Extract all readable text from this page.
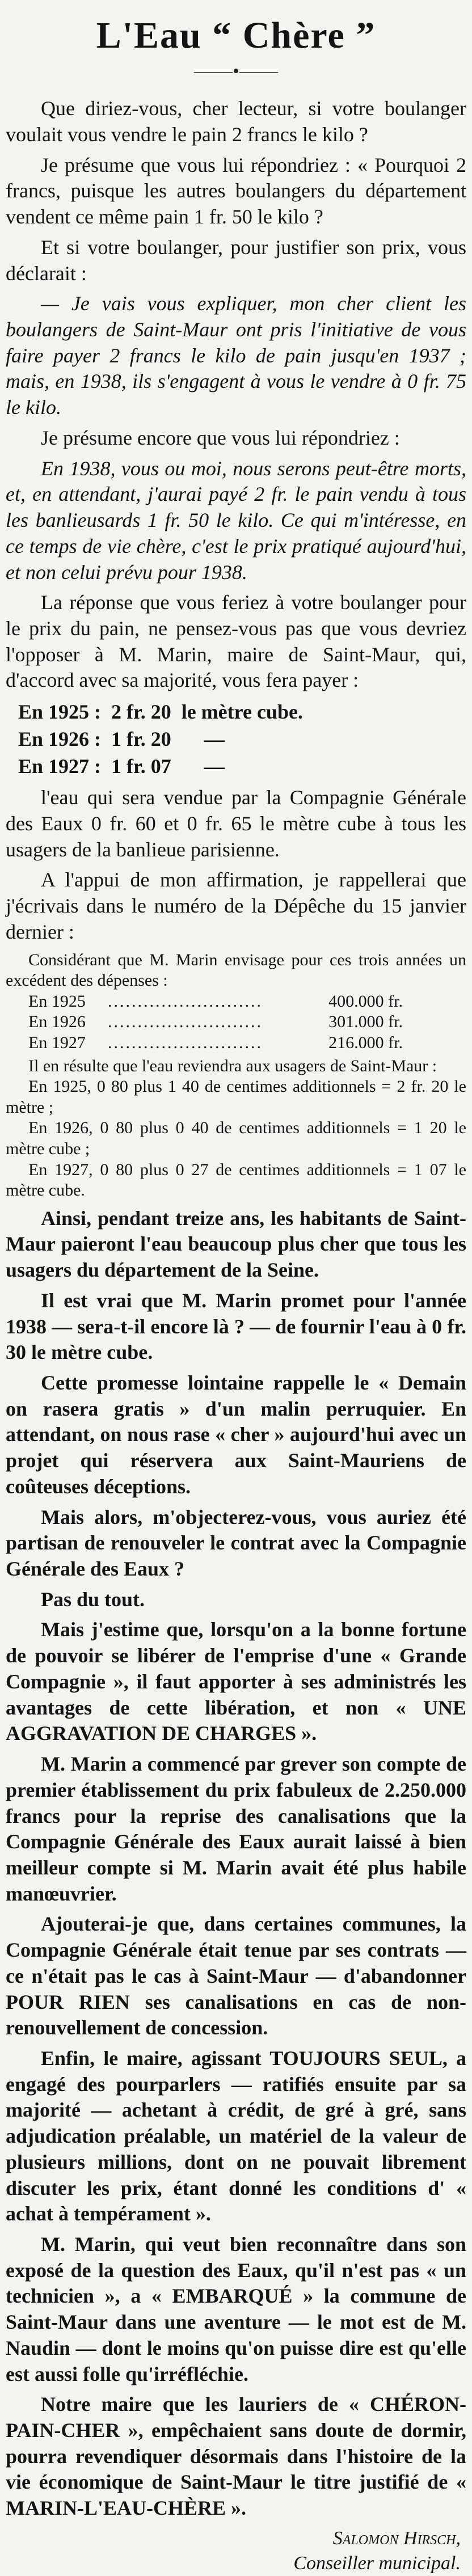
L'Eau “ Chère ”
——•——

Que diriez-vous, cher lecteur, si votre boulanger voulait vous vendre le pain 2 francs le kilo ?

Je présume que vous lui répondriez : « Pourquoi 2 francs, puisque les autres boulangers du département vendent ce même pain 1 fr. 50 le kilo ?

Et si votre boulanger, pour justifier son prix, vous déclarait :

— Je vais vous expliquer, mon cher client les boulangers de Saint-Maur ont pris l'initiative de vous faire payer 2 francs le kilo de pain jusqu'en 1937 ; mais, en 1938, ils s'engagent à vous le vendre à 0 fr. 75 le kilo.

Je présume encore que vous lui répondriez :

En 1938, vous ou moi, nous serons peut-être morts, et, en attendant, j'aurai payé 2 fr. le pain vendu à tous les banlieusards 1 fr. 50 le kilo. Ce qui m'intéresse, en ce temps de vie chère, c'est le prix pratiqué aujourd'hui, et non celui prévu pour 1938.

La réponse que vous feriez à votre boulanger pour le prix du pain, ne pensez-vous pas que vous devriez l'opposer à M. Marin, maire de Saint-Maur, qui, d'accord avec sa majorité, vous fera payer :

En 1925 :	2 fr. 20	le mètre cube.
En 1926 :	1 fr. 20	—
En 1927 :	1 fr. 07	—

l'eau qui sera vendue par la Compagnie Générale des Eaux 0 fr. 60 et 0 fr. 65 le mètre cube à tous les usagers de la banlieue parisienne.

A l'appui de mon affirmation, je rappellerai que j'écrivais dans le numéro de la Dépêche du 15 janvier dernier :

Considérant que M. Marin envisage pour ces trois années un excédent des dépenses :

En 1925	..........................	400.000 fr.
En 1926	..........................	301.000 fr.
En 1927	..........................	216.000 fr.

Il en résulte que l'eau reviendra aux usagers de Saint-Maur :

En 1925, 0 80 plus 1 40 de centimes additionnels = 2 fr. 20 le mètre ;

En 1926, 0 80 plus 0 40 de centimes additionnels = 1 20 le mètre cube ;

En 1927, 0 80 plus 0 27 de centimes additionnels = 1 07 le mètre cube.

Ainsi, pendant treize ans, les habitants de Saint-Maur paieront l'eau beaucoup plus cher que tous les usagers du département de la Seine.

Il est vrai que M. Marin promet pour l'année 1938 — sera-t-il encore là ? — de fournir l'eau à 0 fr. 30 le mètre cube.

Cette promesse lointaine rappelle le « Demain on rasera gratis » d'un malin perruquier. En attendant, on nous rase « cher » aujourd'hui avec un projet qui réservera aux Saint-Mauriens de coûteuses déceptions.

Mais alors, m'objecterez-vous, vous auriez été partisan de renouveler le contrat avec la Compagnie Générale des Eaux ?

Pas du tout.

Mais j'estime que, lorsqu'on a la bonne fortune de pouvoir se libérer de l'emprise d'une « Grande Compagnie », il faut apporter à ses administrés les avantages de cette libération, et non « UNE AGGRAVATION DE CHARGES ».

M. Marin a commencé par grever son compte de premier établissement du prix fabuleux de 2.250.000 francs pour la reprise des canalisations que la Compagnie Générale des Eaux aurait laissé à bien meilleur compte si M. Marin avait été plus habile manœuvrier.

Ajouterai-je que, dans certaines communes, la Compagnie Générale était tenue par ses contrats — ce n'était pas le cas à Saint-Maur — d'abandonner POUR RIEN ses canalisations en cas de non-renouvellement de concession.

Enfin, le maire, agissant TOUJOURS SEUL, a engagé des pourparlers — ratifiés ensuite par sa majorité — achetant à crédit, de gré à gré, sans adjudication préalable, un matériel de la valeur de plusieurs millions, dont on ne pouvait librement discuter les prix, étant donné les conditions d' « achat à tempérament ».

M. Marin, qui veut bien reconnaître dans son exposé de la question des Eaux, qu'il n'est pas « un technicien », a « EMBARQUÉ » la commune de Saint-Maur dans une aventure — le mot est de M. Naudin — dont le moins qu'on puisse dire est qu'elle est aussi folle qu'irréfléchie.

Notre maire que les lauriers de « CHÉRON-PAIN-CHER », empêchaient sans doute de dormir, pourra revendiquer désormais dans l'histoire de la vie économique de Saint-Maur le titre justifié de « MARIN-L'EAU-CHÈRE ».

Salomon Hirsch,
Conseiller municipal.
